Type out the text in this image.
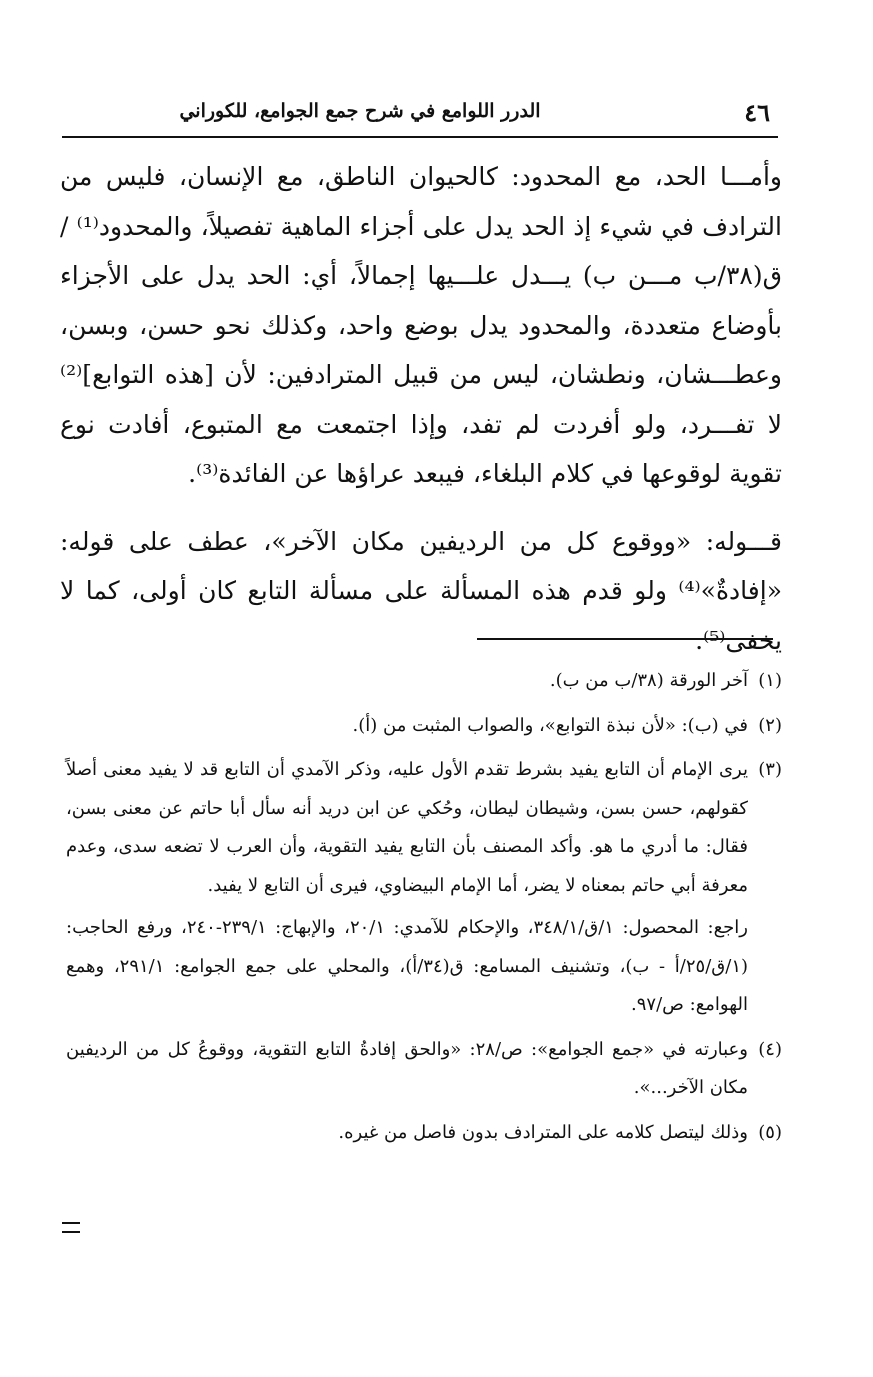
٤٦
الدرر اللوامع في شرح جمع الجوامع، للكوراني

وأمـــا الحد، مع المحدود: كالحيوان الناطق، مع الإنسان، فليس من الترادف في شيء إذ الحد يدل على أجزاء الماهية تفصيلاً، والمحدود⁽¹⁾ / ق(٣٨/ب مـــن ب) يـــدل علـــيها إجمالاً، أي: الحد يدل على الأجزاء بأوضاع متعددة، والمحدود يدل بوضع واحد، وكذلك نحو حسن، وبسن، وعطـــشان، ونطشان، ليس من قبيل المترادفين: لأن [هذه التوابع]⁽²⁾ لا تفـــرد، ولو أفردت لم تفد، وإذا اجتمعت مع المتبوع، أفادت نوع تقوية لوقوعها في كلام البلغاء، فيبعد عراؤها عن الفائدة⁽³⁾.

قـــوله: «ووقوع كل من الرديفين مكان الآخر»، عطف على قوله: «إفادةٌ»⁽⁴⁾ ولو قدم هذه المسألة على مسألة التابع كان أولى، كما لا يخفى⁽⁵⁾.

(١)

آخر الورقة (٣٨/ب من ب).

(٢)

في (ب): «لأن نبذة التوابع»، والصواب المثبت من (أ).

(٣)

يرى الإمام أن التابع يفيد بشرط تقدم الأول عليه، وذكر الآمدي أن التابع قد لا يفيد معنى أصلاً كقولهم، حسن بسن، وشيطان ليطان، وحُكي عن ابن دريد أنه سأل أبا حاتم عن معنى بسن، فقال: ما أدري ما هو. وأكد المصنف بأن التابع يفيد التقوية، وأن العرب لا تضعه سدى، وعدم معرفة أبي حاتم بمعناه لا يضر، أما الإمام البيضاوي، فيرى أن التابع لا يفيد.

راجع: المحصول: ١/ق/٣٤٨/١، والإحكام للآمدي: ٢٠/١، والإبهاج: ٢٣٩/١-٢٤٠، ورفع الحاجب: (١/ق/٢٥/أ - ب)، وتشنيف المسامع: ق(٣٤/أ)، والمحلي على جمع الجوامع: ٢٩١/١، وهمع الهوامع: ص/٩٧.

(٤)

وعبارته في «جمع الجوامع»: ص/٢٨: «والحق إفادةُ التابع التقوية، ووقوعُ كل من الرديفين مكان الآخر...».

(٥)

وذلك ليتصل كلامه على المترادف بدون فاصل من غيره.
